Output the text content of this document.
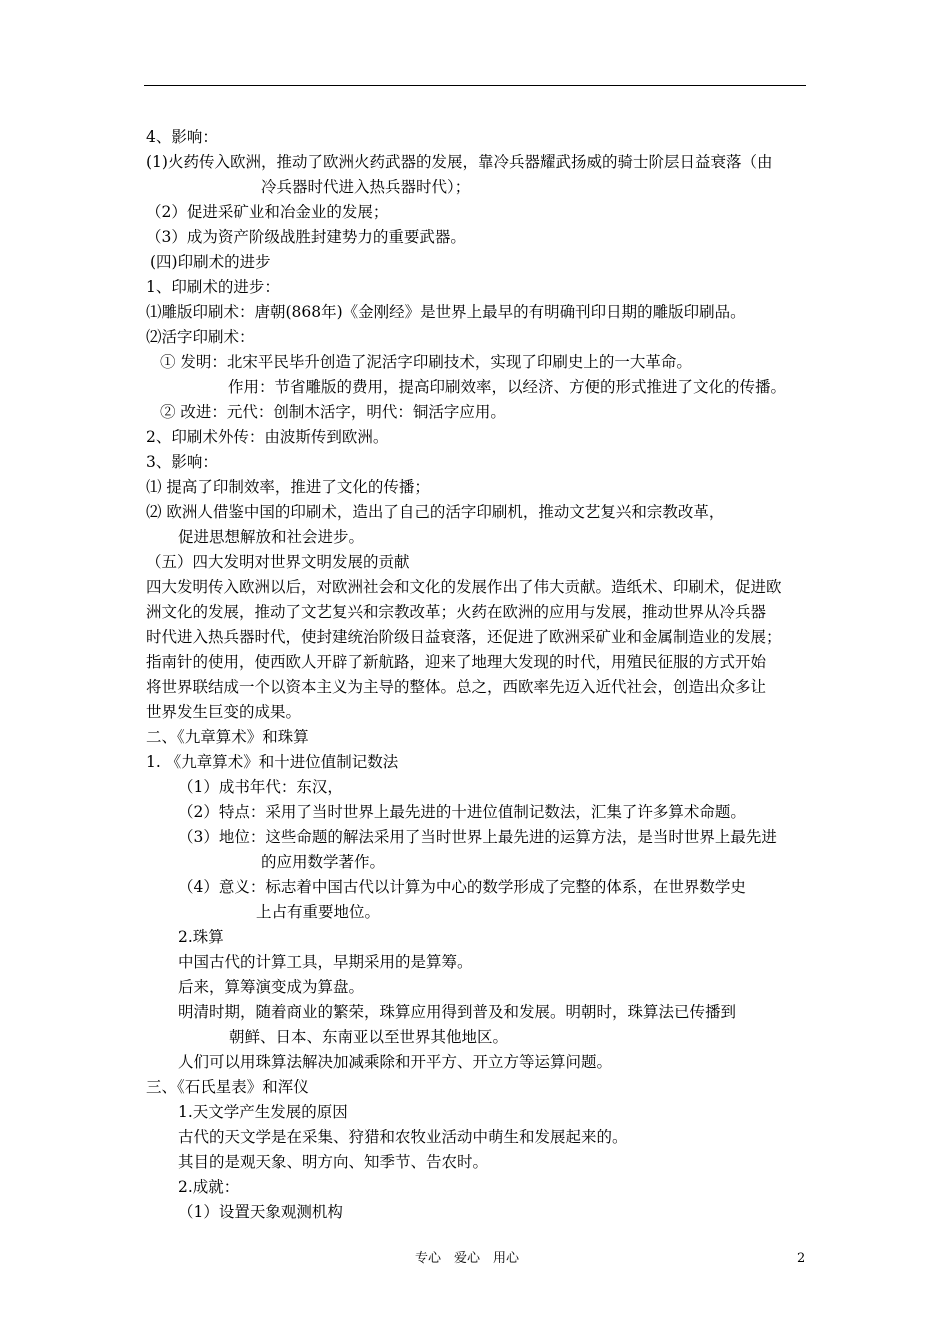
4、影响：
(1)火药传入欧洲，推动了欧洲火药武器的发展，靠冷兵器耀武扬威的骑士阶层日益衰落（由
冷兵器时代进入热兵器时代）；
（2）促进采矿业和冶金业的发展；
（3）成为资产阶级战胜封建势力的重要武器。
(四)印刷术的进步
1、印刷术的进步：
⑴雕版印刷术：唐朝(868年)《金刚经》是世界上最早的有明确刊印日期的雕版印刷品。
⑵活字印刷术：
① 发明：北宋平民毕升创造了泥活字印刷技术，实现了印刷史上的一大革命。
作用：节省雕版的费用，提高印刷效率，以经济、方便的形式推进了文化的传播。
② 改进：元代：创制木活字，明代：铜活字应用。
2、印刷术外传：由波斯传到欧洲。
3、影响：
⑴ 提高了印制效率，推进了文化的传播；
⑵ 欧洲人借鉴中国的印刷术，造出了自己的活字印刷机，推动文艺复兴和宗教改革，
促进思想解放和社会进步。
（五）四大发明对世界文明发展的贡献
四大发明传入欧洲以后，对欧洲社会和文化的发展作出了伟大贡献。造纸术、印刷术，促进欧
洲文化的发展，推动了文艺复兴和宗教改革；火药在欧洲的应用与发展，推动世界从冷兵器
时代进入热兵器时代，使封建统治阶级日益衰落，还促进了欧洲采矿业和金属制造业的发展；
指南针的使用，使西欧人开辟了新航路，迎来了地理大发现的时代，用殖民征服的方式开始
将世界联结成一个以资本主义为主导的整体。总之，西欧率先迈入近代社会，创造出众多让
世界发生巨变的成果。
二、《九章算术》和珠算
1. 《九章算术》和十进位值制记数法
（1）成书年代：东汉，
（2）特点：采用了当时世界上最先进的十进位值制记数法，汇集了许多算术命题。
（3）地位：这些命题的解法采用了当时世界上最先进的运算方法，是当时世界上最先进
的应用数学著作。
（4）意义：标志着中国古代以计算为中心的数学形成了完整的体系，在世界数学史
上占有重要地位。
2.珠算
中国古代的计算工具，早期采用的是算筹。
后来，算筹演变成为算盘。
明清时期，随着商业的繁荣，珠算应用得到普及和发展。明朝时，珠算法已传播到
朝鲜、日本、东南亚以至世界其他地区。
人们可以用珠算法解决加减乘除和开平方、开立方等运算问题。
三、《石氏星表》和浑仪
1.天文学产生发展的原因
古代的天文学是在采集、狩猎和农牧业活动中萌生和发展起来的。
其目的是观天象、明方向、知季节、告农时。
2.成就：
（1）设置天象观测机构
专心　爱心　用心	2
